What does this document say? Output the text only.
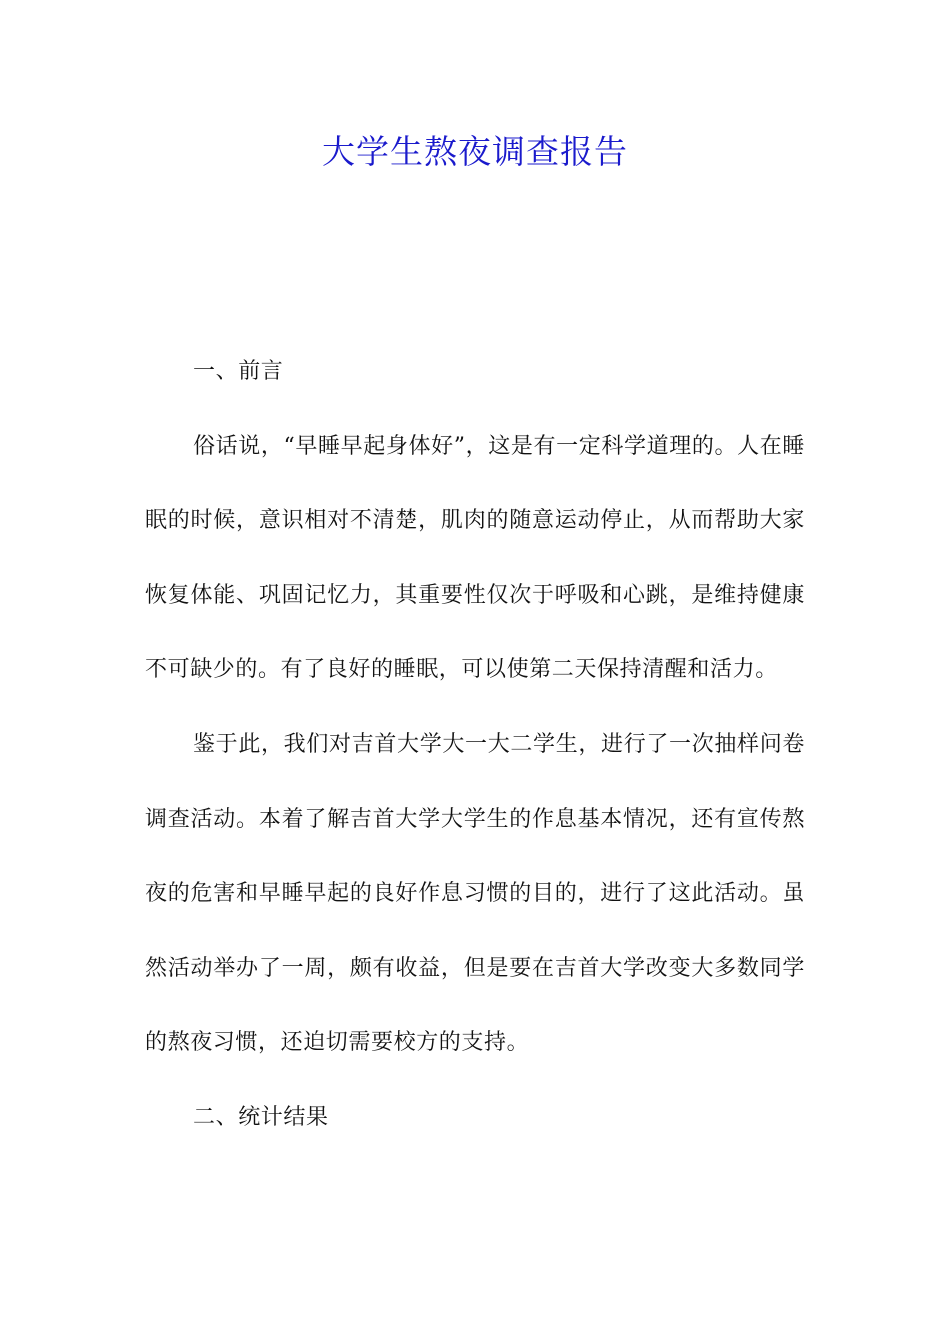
大学生熬夜调查报告

一、前言

俗话说，“早睡早起身体好”，这是有一定科学道理的。人在睡眠的时候，意识相对不清楚，肌肉的随意运动停止，从而帮助大家恢复体能、巩固记忆力，其重要性仅次于呼吸和心跳，是维持健康不可缺少的。有了良好的睡眠，可以使第二天保持清醒和活力。

鉴于此，我们对吉首大学大一大二学生，进行了一次抽样问卷调查活动。本着了解吉首大学大学生的作息基本情况，还有宣传熬夜的危害和早睡早起的良好作息习惯的目的，进行了这此活动。虽然活动举办了一周，颇有收益，但是要在吉首大学改变大多数同学的熬夜习惯，还迫切需要校方的支持。

二、统计结果
